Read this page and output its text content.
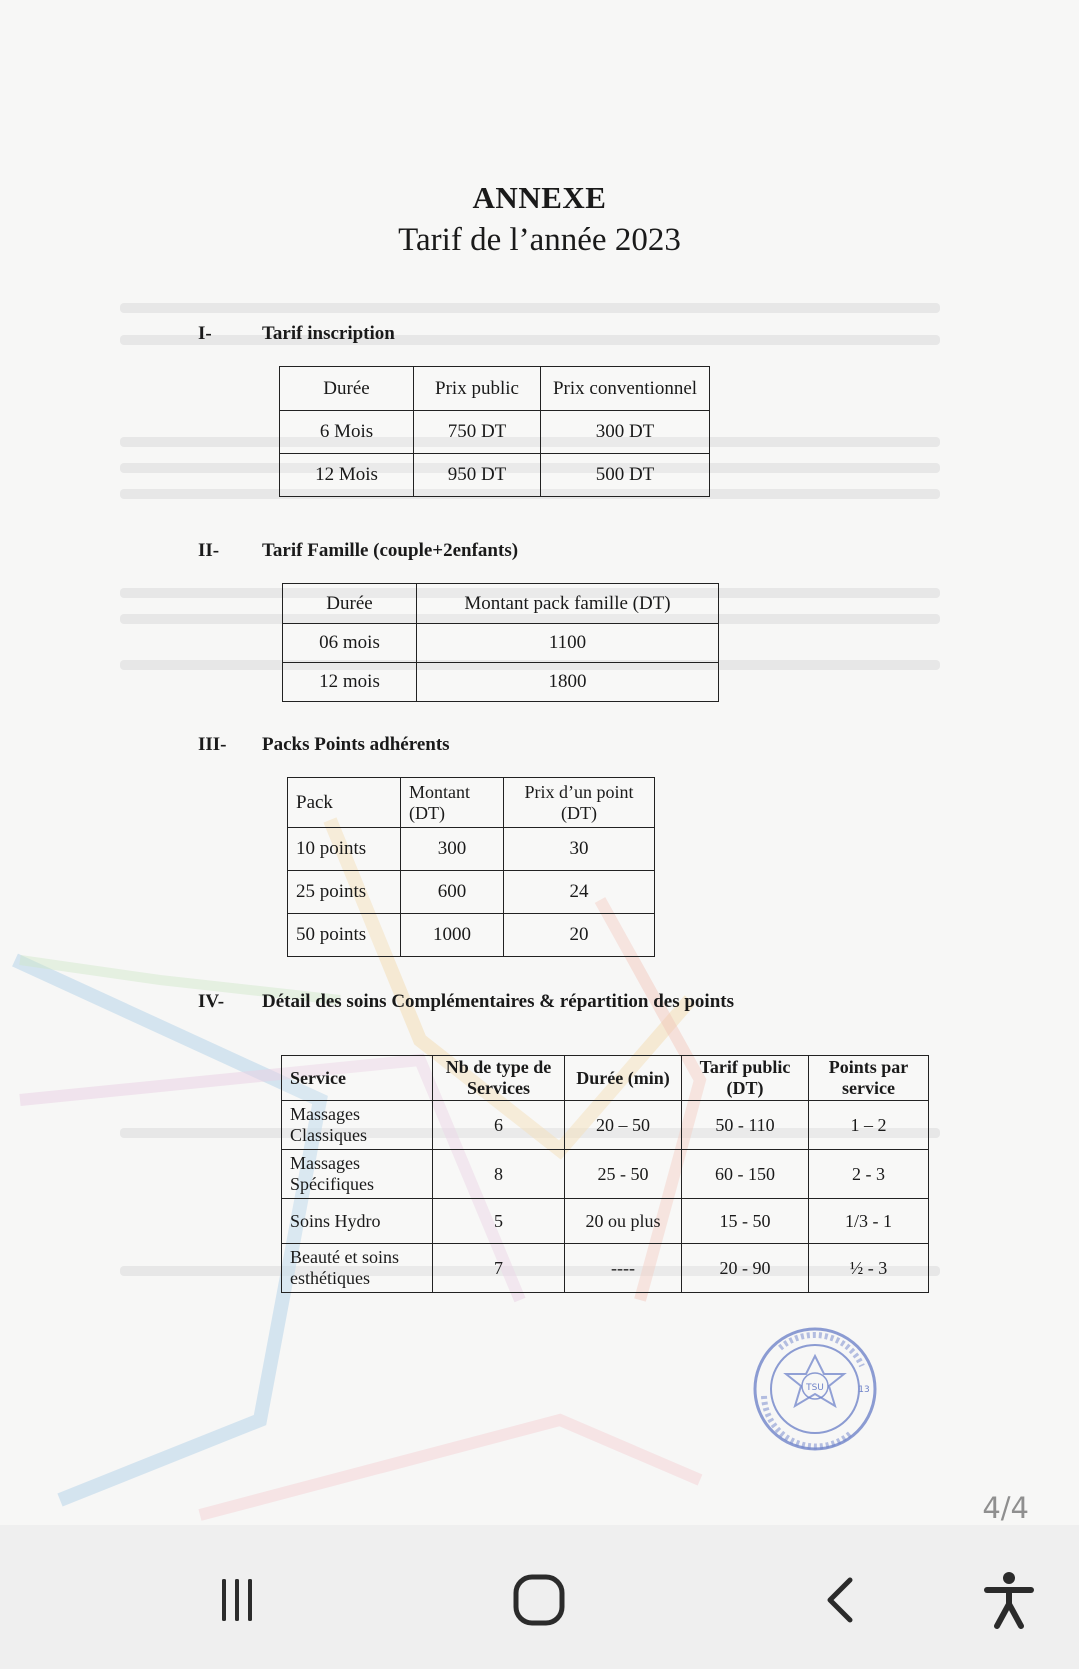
ANNEXE
Tarif de l’année 2023
I-	Tarif inscription
Durée	Prix public	Prix conventionnel
6 Mois	750 DT	300 DT
12 Mois	950 DT	500 DT
II- Tarif Famille (couple+2enfants)
Durée	Montant pack famille (DT)
06 mois	1100
12 mois	1800
III- Packs Points adhérents
Pack	Montant (DT)	Prix d’un point (DT)
10 points	300	30
25 points	600	24
50 points	1000	20
IV- Détail des soins Complémentaires & répartition des points
Service	Nb de type de Services	Durée (min)	Tarif public (DT)	Points par service
Massages Classiques	6	20 – 50	50 - 110	1 – 2
Massages Spécifiques	8	25 - 50	60 - 150	2 - 3
Soins Hydro	5	20 ou plus	15 - 50	1/3 - 1
Beauté et soins esthétiques	7	----	20 - 90	½ - 3
TSU	13
4/4
